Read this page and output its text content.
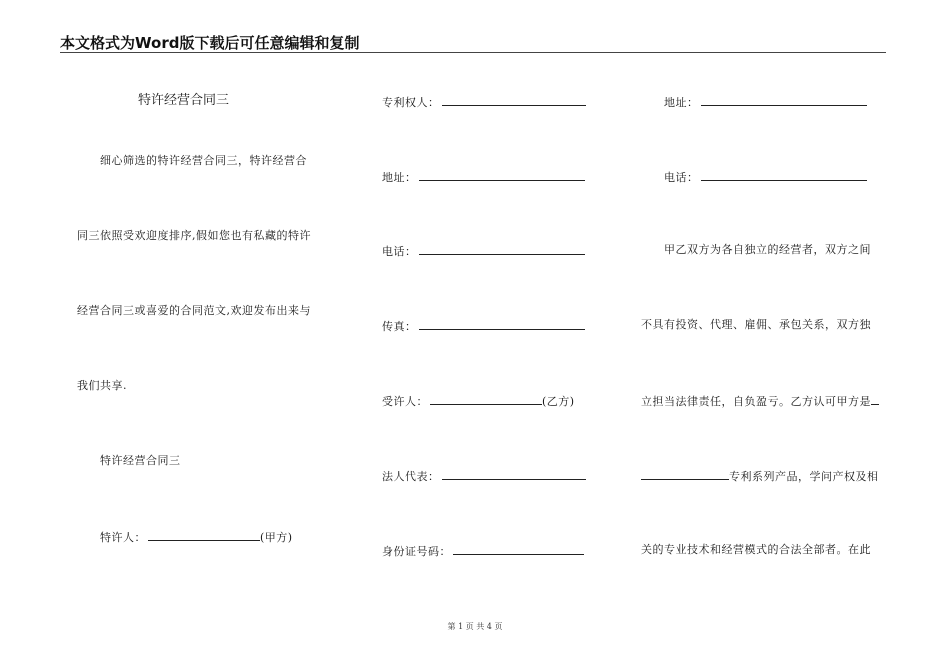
本文格式为Word版下载后可任意编辑和复制
特许经营合同三
细心筛选的特许经营合同三，特许经营合
同三依照受欢迎度排序,假如您也有私藏的特许
经营合同三或喜爱的合同范文,欢迎发布出来与
我们共享.
特许经营合同三
特许人：	(甲方)
专利权人：
地址：
电话：
传真：
受许人：	(乙方)
法人代表：
身份证号码：
地址：
电话：
甲乙双方为各自独立的经营者，双方之间
不具有投资、代理、雇佣、承包关系，双方独
立担当法律责任，自负盈亏。乙方认可甲方是
专利系列产品，学问产权及相
关的专业技术和经营模式的合法全部者。在此
第 1 页 共 4 页
